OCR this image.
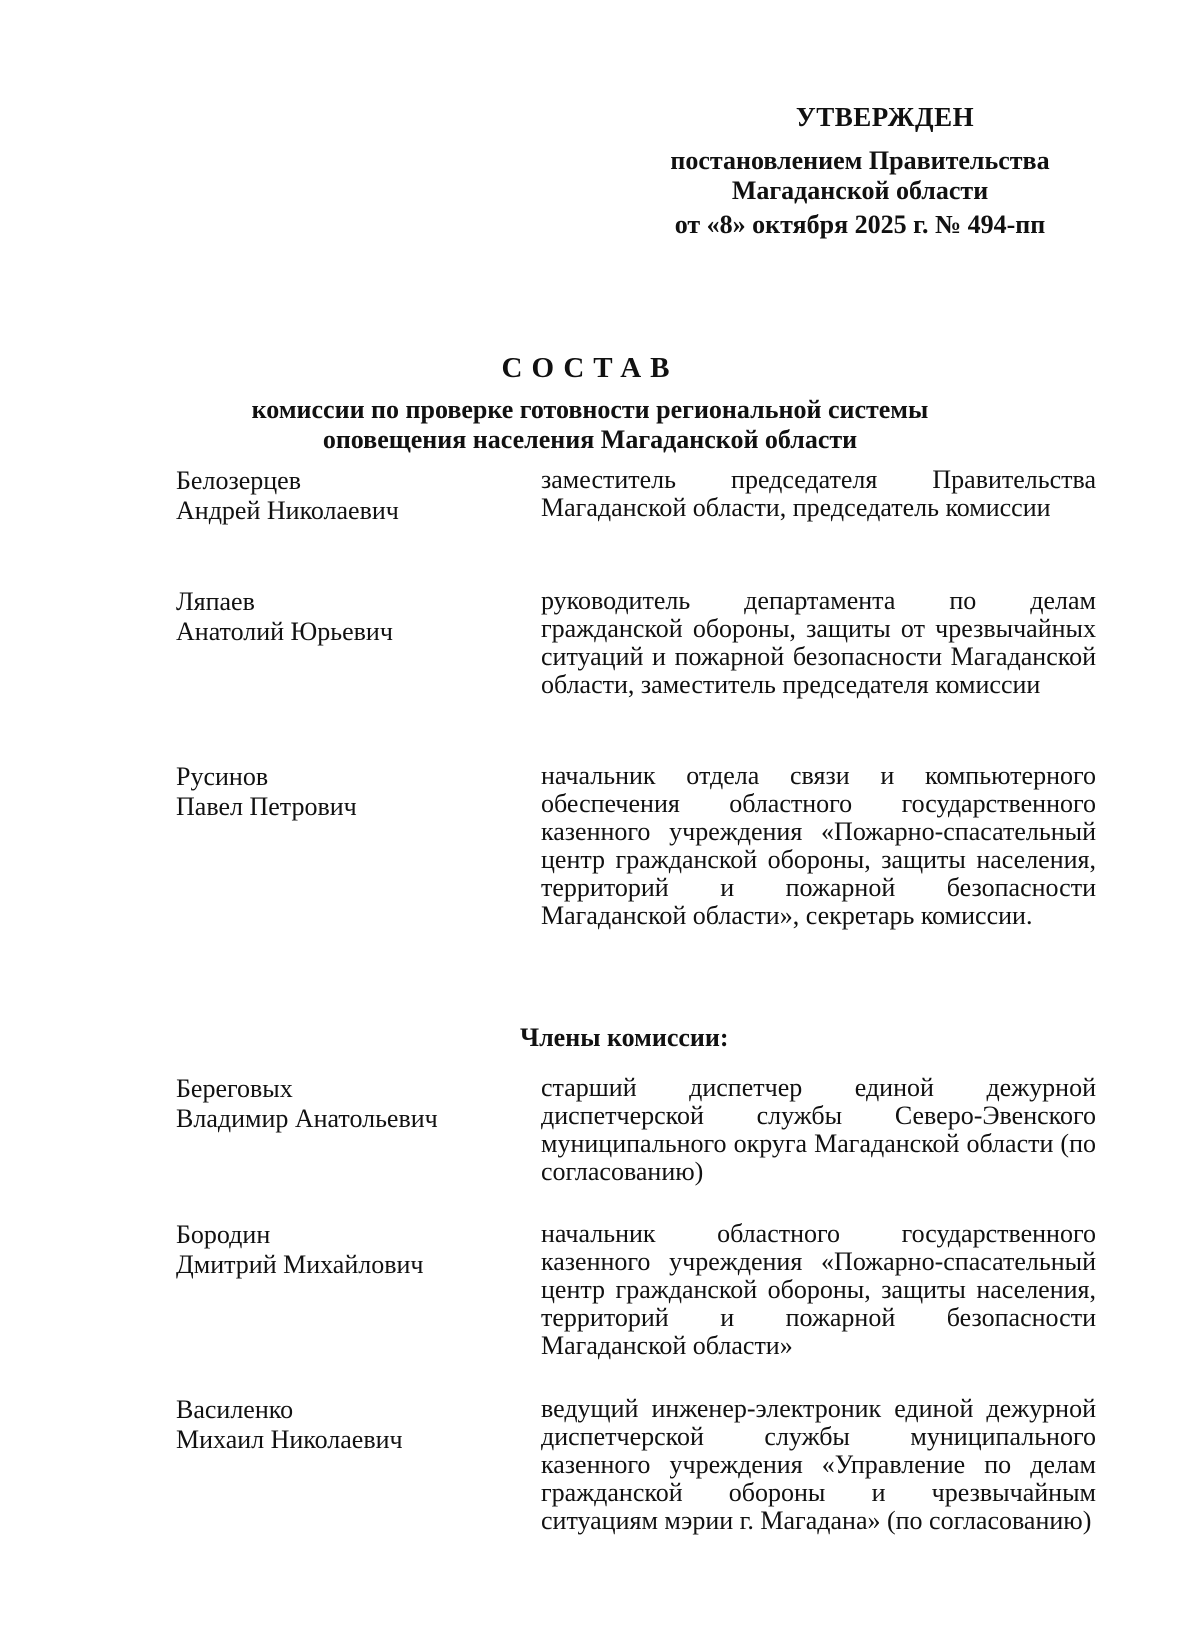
УТВЕРЖДЕН
постановлением Правительства
Магаданской области
от «8» октября 2025 г. № 494-пп
СОСТАВ
комиссии по проверке готовности региональной системы
оповещения населения Магаданской области
Белозерцев
Андрей Николаевич
заместитель председателя Правительства Магаданской области, председатель комиссии
Ляпаев
Анатолий Юрьевич
руководитель департамента по делам гражданской обороны, защиты от чрезвычайных ситуаций и пожарной безопасности Магаданской области, заместитель председателя комиссии
Русинов
Павел Петрович
начальник отдела связи и компьютерного обеспечения областного государственного казенного учреждения «Пожарно-спасательный центр гражданской обороны, защиты населения, территорий и пожарной безопасности Магаданской области», секретарь комиссии.
Члены комиссии:
Береговых
Владимир Анатольевич
старший диспетчер единой дежурной диспетчерской службы Северо-Эвенского муниципального округа Магаданской области (по согласованию)
Бородин
Дмитрий Михайлович
начальник областного государственного казенного учреждения «Пожарно-спасательный центр гражданской обороны, защиты населения, территорий и пожарной безопасности Магаданской области»
Василенко
Михаил Николаевич
ведущий инженер-электроник единой дежурной диспетчерской службы муниципального казенного учреждения «Управление по делам гражданской обороны и чрезвычайным ситуациям мэрии г. Магадана» (по согласованию)
